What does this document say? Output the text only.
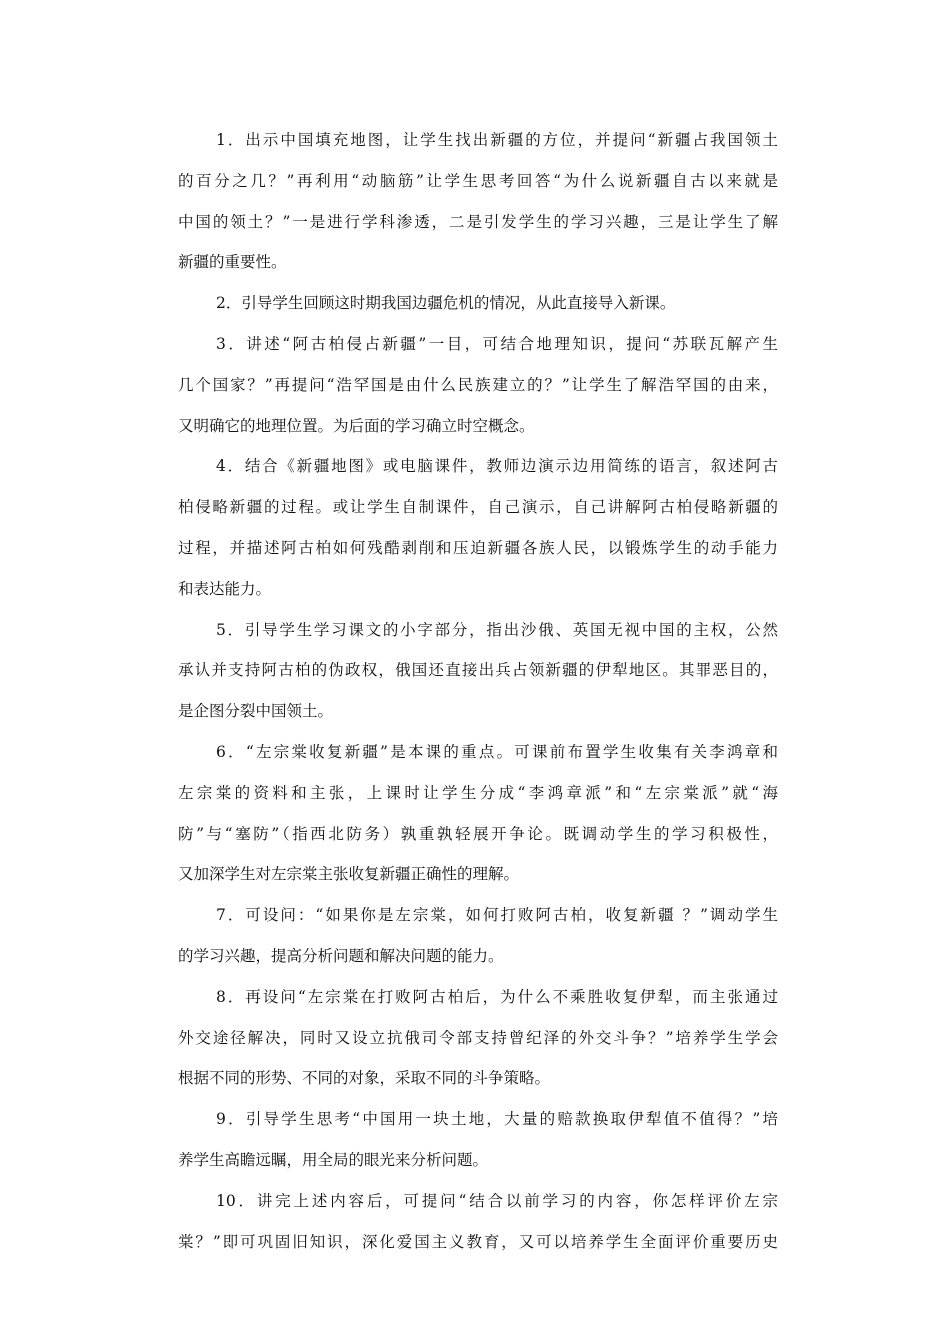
1．出示中国填充地图，让学生找出新疆的方位，并提问“新疆占我国领土
的百分之几？”再利用“动脑筋”让学生思考回答“为什么说新疆自古以来就是
中国的领土？”一是进行学科渗透，二是引发学生的学习兴趣，三是让学生了解
新疆的重要性。
2．引导学生回顾这时期我国边疆危机的情况，从此直接导入新课。
3．讲述“阿古柏侵占新疆”一目，可结合地理知识，提问“苏联瓦解产生
几个国家？”再提问“浩罕国是由什么民族建立的？”让学生了解浩罕国的由来，
又明确它的地理位置。为后面的学习确立时空概念。
4．结合《新疆地图》或电脑课件，教师边演示边用简练的语言，叙述阿古
柏侵略新疆的过程。或让学生自制课件，自己演示，自己讲解阿古柏侵略新疆的
过程，并描述阿古柏如何残酷剥削和压迫新疆各族人民，以锻炼学生的动手能力
和表达能力。
5．引导学生学习课文的小字部分，指出沙俄、英国无视中国的主权，公然
承认并支持阿古柏的伪政权，俄国还直接出兵占领新疆的伊犁地区。其罪恶目的，
是企图分裂中国领土。
6．“左宗棠收复新疆”是本课的重点。可课前布置学生收集有关李鸿章和
左宗棠的资料和主张，上课时让学生分成“李鸿章派”和“左宗棠派”就“海
防”与“塞防”（指西北防务）孰重孰轻展开争论。既调动学生的学习积极性，
又加深学生对左宗棠主张收复新疆正确性的理解。
7．可设问：“如果你是左宗棠，如何打败阿古柏，收复新疆 ？”调动学生
的学习兴趣，提高分析问题和解决问题的能力。
8．再设问“左宗棠在打败阿古柏后，为什么不乘胜收复伊犁，而主张通过
外交途径解决，同时又设立抗俄司令部支持曾纪泽的外交斗争？”培养学生学会
根据不同的形势、不同的对象，采取不同的斗争策略。
9．引导学生思考“中国用一块土地，大量的赔款换取伊犁值不值得？”培
养学生高瞻远瞩，用全局的眼光来分析问题。
10．讲完上述内容后，可提问“结合以前学习的内容，你怎样评价左宗
棠？”即可巩固旧知识，深化爱国主义教育，又可以培养学生全面评价重要历史
